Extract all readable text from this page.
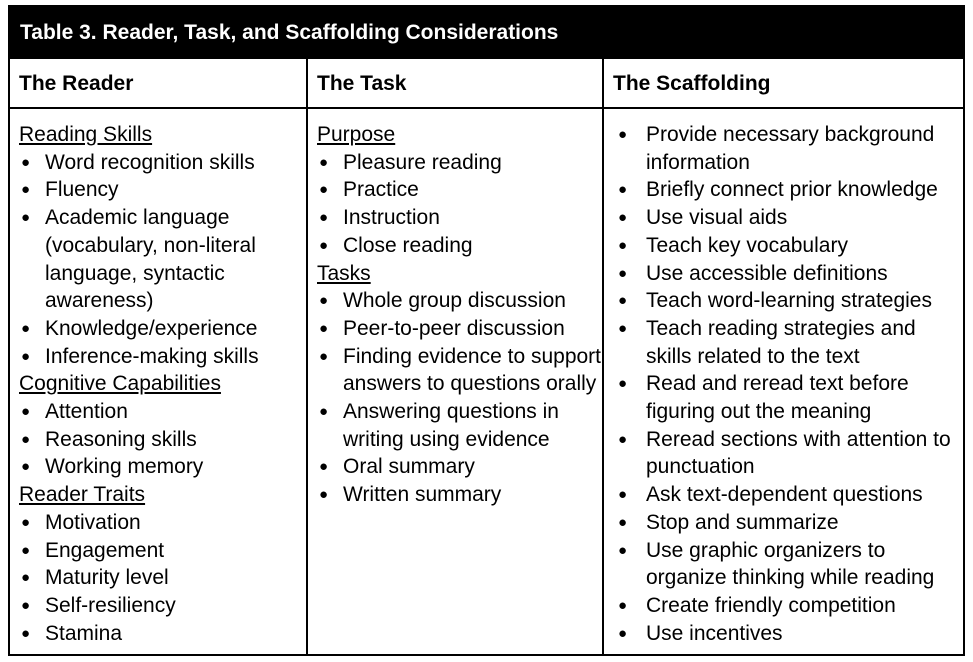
Table 3. Reader, Task, and Scaffolding Considerations
The Reader
Reading Skills
● Word recognition skills
● Fluency
● Academic language (vocabulary, non-literal language, syntactic awareness)
● Knowledge/experience
● Inference-making skills
Cognitive Capabilities
● Attention
● Reasoning skills
● Working memory
Reader Traits
● Motivation
● Engagement
● Maturity level
● Self-resiliency
● Stamina
The Task
Purpose
● Pleasure reading
● Practice
● Instruction
● Close reading
Tasks
● Whole group discussion
● Peer-to-peer discussion
● Finding evidence to support answers to questions orally
● Answering questions in writing using evidence
● Oral summary
● Written summary
The Scaffolding
● Provide necessary background information
● Briefly connect prior knowledge
● Use visual aids
● Teach key vocabulary
● Use accessible definitions
● Teach word-learning strategies
● Teach reading strategies and skills related to the text
● Read and reread text before figuring out the meaning
● Reread sections with attention to punctuation
● Ask text-dependent questions
● Stop and summarize
● Use graphic organizers to organize thinking while reading
● Create friendly competition
● Use incentives
